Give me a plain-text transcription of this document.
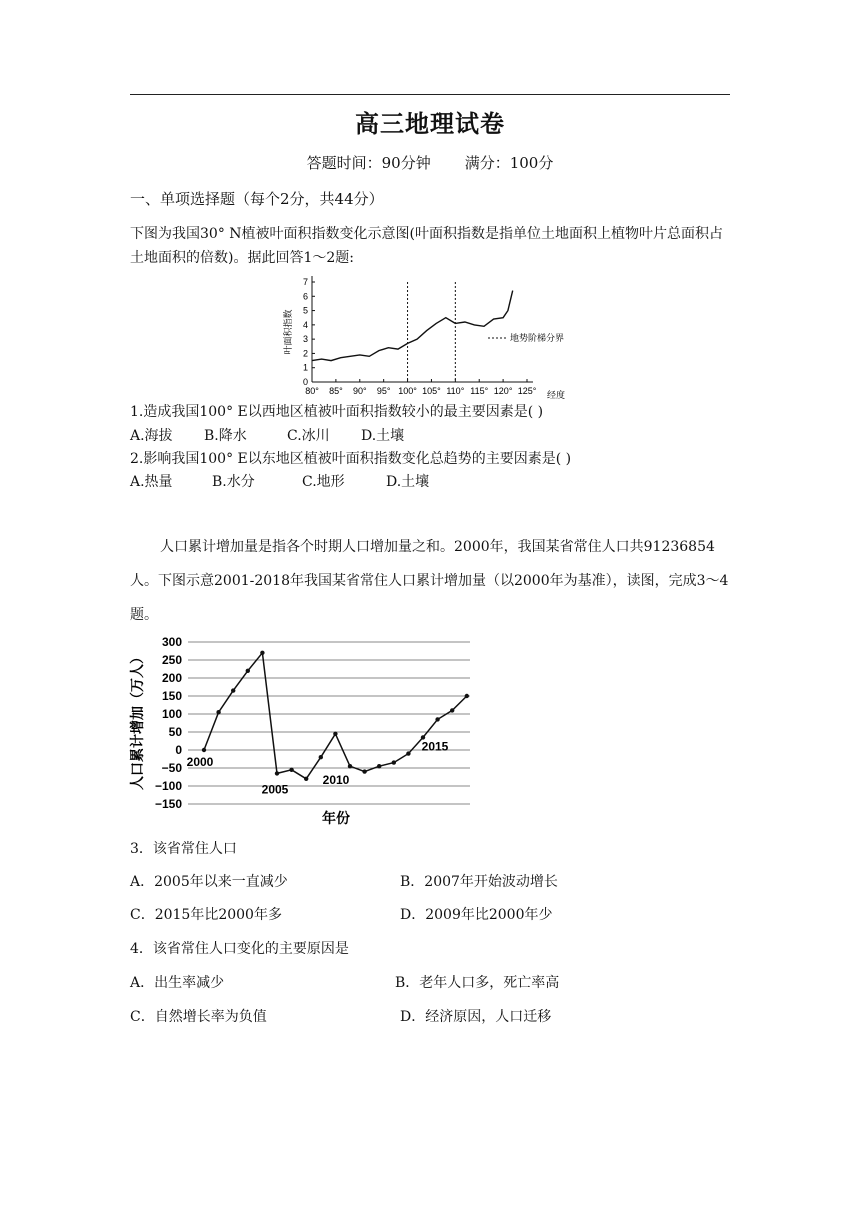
高三地理试卷
答题时间：90分钟 满分：100分
一、单项选择题（每个2分，共44分）
下图为我国30° N植被叶面积指数变化示意图(叶面积指数是指单位土地面积上植物叶片总面积占土地面积的倍数)。据此回答1～2题:
0
1
2
3
4
5
6
7
80° 85° 90° 95° 100° 105° 110° 115° 120° 125°
叶面积指数	地势阶梯分界
经度
1.造成我国100° E以西地区植被叶面积指数较小的最主要因素是( )
A.海拔 B.降水	C.冰川 D.土壤
2.影响我国100° E以东地区植被叶面积指数变化总趋势的主要因素是( )
A.热量	B.水分	C.地形	D.土壤
人口累计增加量是指各个时期人口增加量之和。2000年，我国某省常住人口共91236854人。下图示意2001-2018年我国某省常住人口累计增加量（以2000年为基准），读图，完成3～4题。
300
250
200
150
100
50
0
−50
−100
−150
2000
2005
2010
2015
人口累计增加（万人）
年份
3．该省常住人口
A．2005年以来一直减少	B．2007年开始波动增长
C．2015年比2000年多	D．2009年比2000年少
4．该省常住人口变化的主要原因是
A．出生率减少	B．老年人口多，死亡率高
C．自然增长率为负值	D．经济原因，人口迁移
